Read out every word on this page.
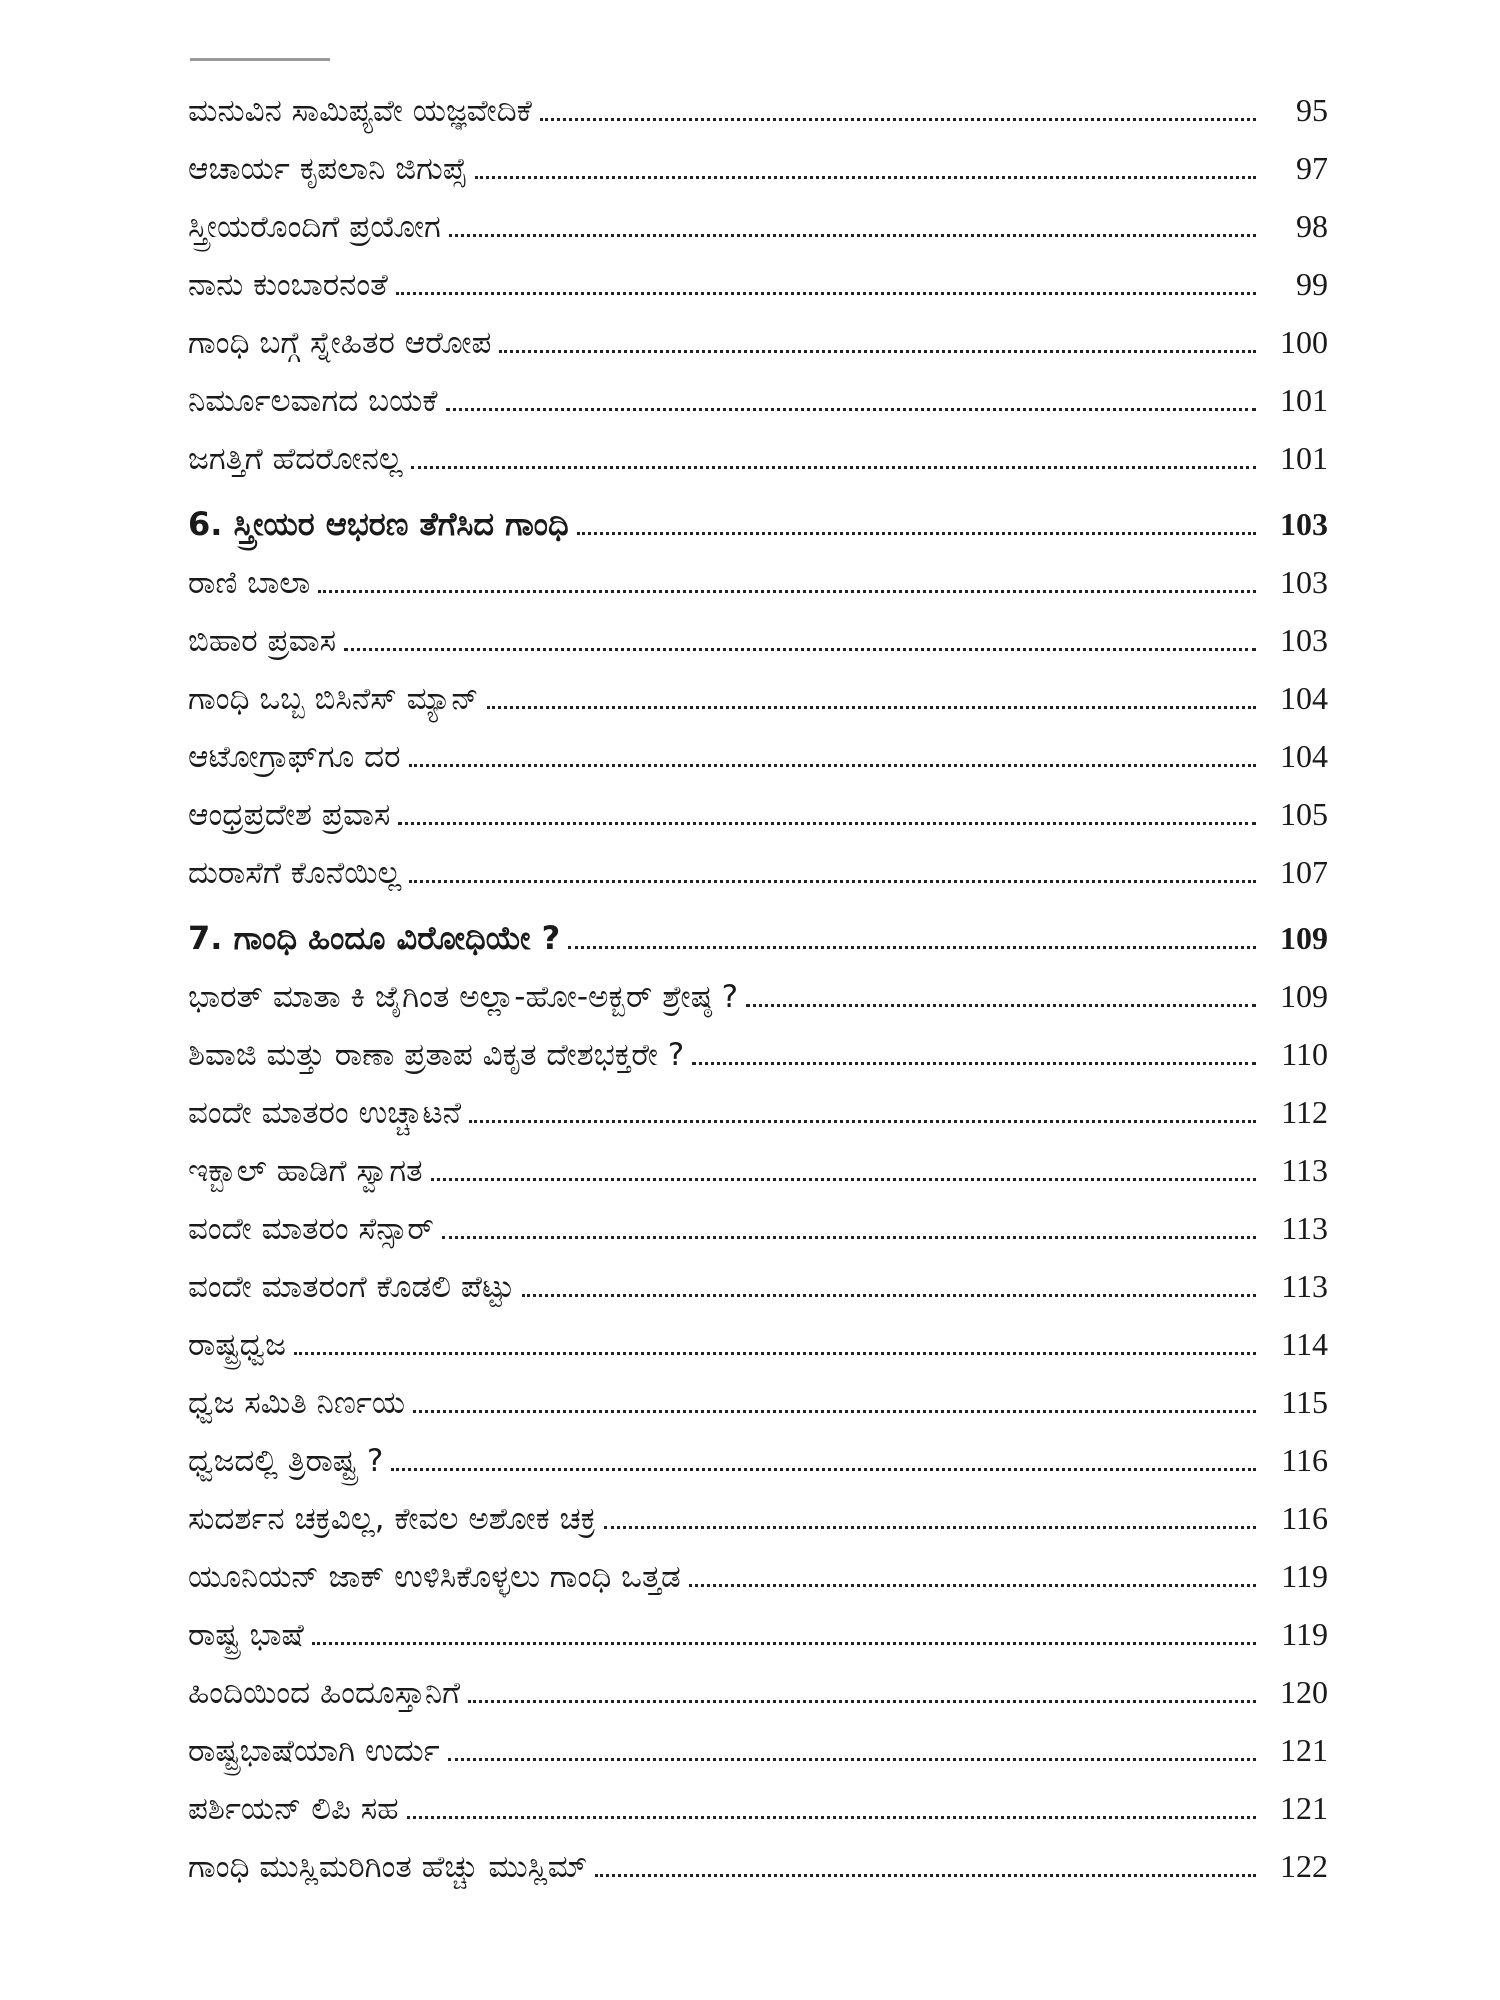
ಮನುವಿನ ಸಾಮಿಪ್ಯವೇ ಯಜ್ಞವೇದಿಕೆ	95
ಆಚಾರ್ಯ ಕೃಪಲಾನಿ ಜಿಗುಪ್ಸೆ	97
ಸ್ತ್ರೀಯರೊಂದಿಗೆ ಪ್ರಯೋಗ	98
ನಾನು ಕುಂಬಾರನಂತೆ	99
ಗಾಂಧಿ ಬಗ್ಗೆ ಸ್ನೇಹಿತರ ಆರೋಪ	100
ನಿರ್ಮೂಲವಾಗದ ಬಯಕೆ	101
ಜಗತ್ತಿಗೆ ಹೆದರೋನಲ್ಲ	101
6. ಸ್ತ್ರೀಯರ ಆಭರಣ ತೆಗೆಸಿದ ಗಾಂಧಿ	103
ರಾಣಿ ಬಾಲಾ	103
ಬಿಹಾರ ಪ್ರವಾಸ	103
ಗಾಂಧಿ ಒಬ್ಬ ಬಿಸಿನೆಸ್ ಮ್ಯಾನ್	104
ಆಟೋಗ್ರಾಫ್‌ಗೂ ದರ	104
ಆಂಧ್ರಪ್ರದೇಶ ಪ್ರವಾಸ	105
ದುರಾಸೆಗೆ ಕೊನೆಯಿಲ್ಲ	107
7. ಗಾಂಧಿ ಹಿಂದೂ ವಿರೋಧಿಯೇ ?	109
ಭಾರತ್ ಮಾತಾ ಕಿ ಜೈಗಿಂತ ಅಲ್ಲಾ-ಹೋ-ಅಕ್ಬರ್ ಶ್ರೇಷ್ಠ ?	109
ಶಿವಾಜಿ ಮತ್ತು ರಾಣಾ ಪ್ರತಾಪ ವಿಕೃತ ದೇಶಭಕ್ತರೇ ?	110
ವಂದೇ ಮಾತರಂ ಉಚ್ಚಾಟನೆ	112
ಇಕ್ಬಾಲ್ ಹಾಡಿಗೆ ಸ್ವಾಗತ	113
ವಂದೇ ಮಾತರಂ ಸೆನ್ಸಾರ್	113
ವಂದೇ ಮಾತರಂಗೆ ಕೊಡಲಿ ಪೆಟ್ಟು	113
ರಾಷ್ಟ್ರಧ್ವಜ	114
ಧ್ವಜ ಸಮಿತಿ ನಿರ್ಣಯ	115
ಧ್ವಜದಲ್ಲಿ ತ್ರಿರಾಷ್ಟ್ರ ?	116
ಸುದರ್ಶನ ಚಕ್ರವಿಲ್ಲ, ಕೇವಲ ಅಶೋಕ ಚಕ್ರ	116
ಯೂನಿಯನ್ ಜಾಕ್ ಉಳಿಸಿಕೊಳ್ಳಲು ಗಾಂಧಿ ಒತ್ತಡ	119
ರಾಷ್ಟ್ರ ಭಾಷೆ	119
ಹಿಂದಿಯಿಂದ ಹಿಂದೂಸ್ತಾನಿಗೆ	120
ರಾಷ್ಟ್ರಭಾಷೆಯಾಗಿ ಉರ್ದು	121
ಪರ್ಶಿಯನ್ ಲಿಪಿ ಸಹ	121
ಗಾಂಧಿ ಮುಸ್ಲಿಮರಿಗಿಂತ ಹೆಚ್ಚು ಮುಸ್ಲಿಮ್	122
